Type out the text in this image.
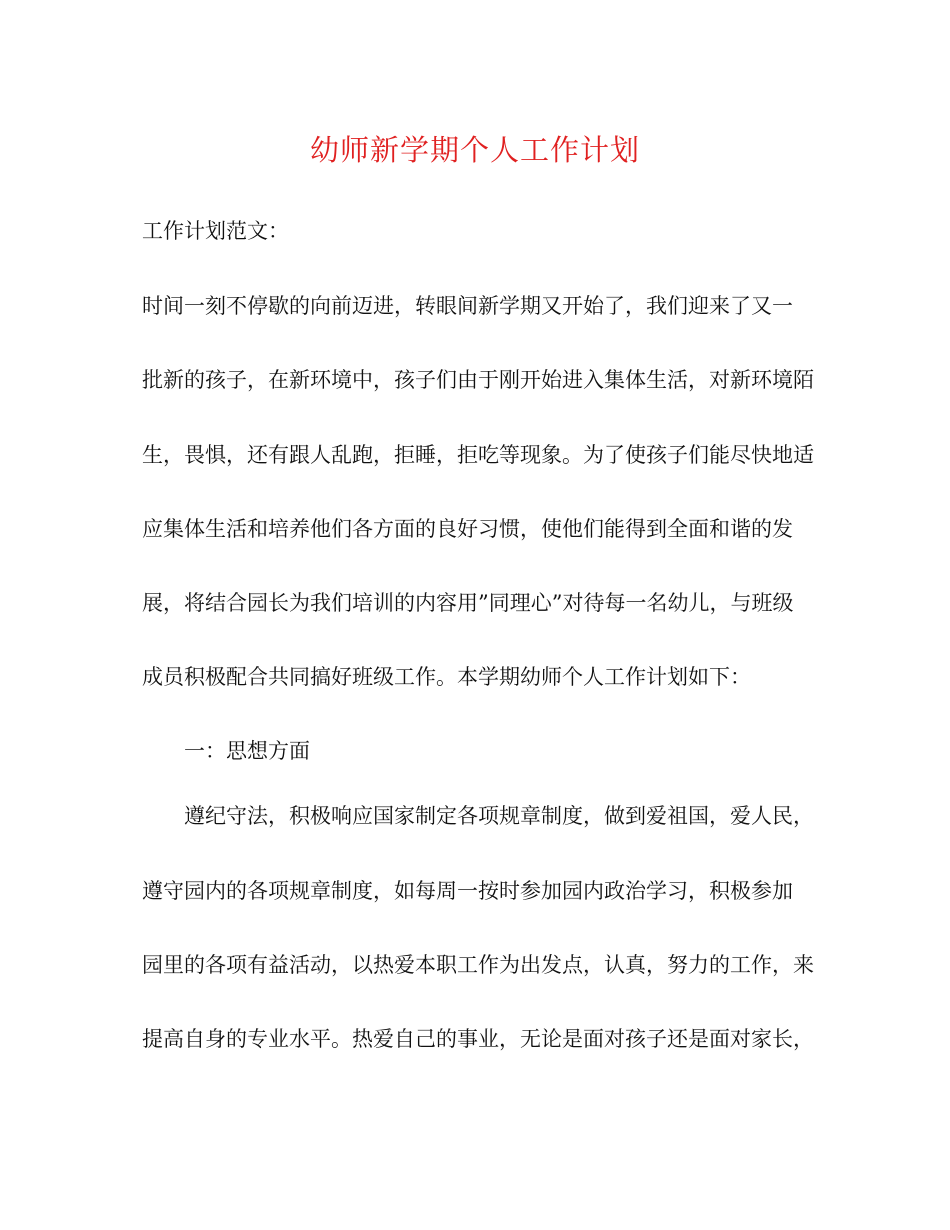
幼师新学期个人工作计划
工作计划范文：
时间一刻不停歇的向前迈进，转眼间新学期又开始了，我们迎来了又一
批新的孩子，在新环境中，孩子们由于刚开始进入集体生活，对新环境陌
生，畏惧，还有跟人乱跑，拒睡，拒吃等现象。为了使孩子们能尽快地适
应集体生活和培养他们各方面的良好习惯，使他们能得到全面和谐的发
展，将结合园长为我们培训的内容用”同理心”对待每一名幼儿，与班级
成员积极配合共同搞好班级工作。本学期幼师个人工作计划如下：
一：思想方面
遵纪守法，积极响应国家制定各项规章制度，做到爱祖国，爱人民，
遵守园内的各项规章制度，如每周一按时参加园内政治学习，积极参加
园里的各项有益活动，以热爱本职工作为出发点，认真，努力的工作，来
提高自身的专业水平。热爱自己的事业，无论是面对孩子还是面对家长，
